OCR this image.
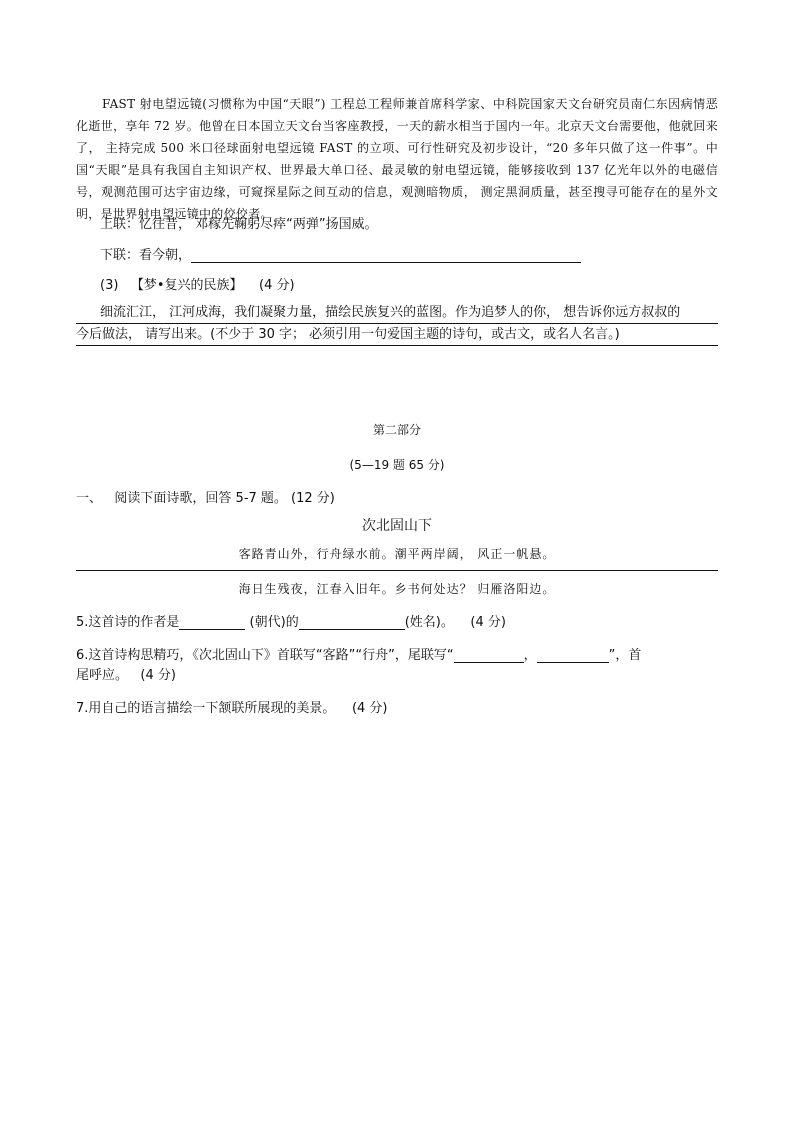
FAST 射电望远镜(习惯称为中国“天眼”) 工程总工程师兼首席科学家、中科院国家天文台研究员南仁东因病情恶化逝世，享年 72 岁。他曾在日本国立天文台当客座教授，一天的薪水相当于国内一年。北京天文台需要他，他就回来了， 主持完成 500 米口径球面射电望远镜 FAST 的立项、可行性研究及初步设计，“20 多年只做了这一件事”。中国“天眼”是具有我国自主知识产权、世界最大单口径、最灵敏的射电望远镜，能够接收到 137 亿光年以外的电磁信号，观测范围可达宇宙边缘，可窥探星际之间互动的信息，观测暗物质， 测定黑洞质量，甚至搜寻可能存在的星外文明，是世界射电望远镜中的佼佼者。
上联：忆往昔， 邓稼先鞠躬尽瘁“两弹”扬国威。
下联：看今朝，
(3) 【梦•复兴的民族】 (4 分)
细流汇江， 江河成海，我们凝聚力量，描绘民族复兴的蓝图。作为追梦人的你， 想告诉你远方叔叔的
今后做法， 请写出来。(不少于 30 字； 必须引用一句爱国主题的诗句，或古文，或名人名言。)
第二部分
(5—19 题 65 分)
一、 阅读下面诗歌，回答 5-7 题。 (12 分)
次北固山下
客路青山外，行舟绿水前。潮平两岸阔， 风正一帆悬。
海日生残夜，江春入旧年。乡书何处达？ 归雁洛阳边。
5.这首诗的作者是	(朝代)的	(姓名)。 (4 分)
6.这首诗构思精巧，《次北固山下》首联写“客路”“行舟”，尾联写“	，	”，首
尾呼应。 (4 分)
7.用自己的语言描绘一下颔联所展现的美景。 (4 分)
